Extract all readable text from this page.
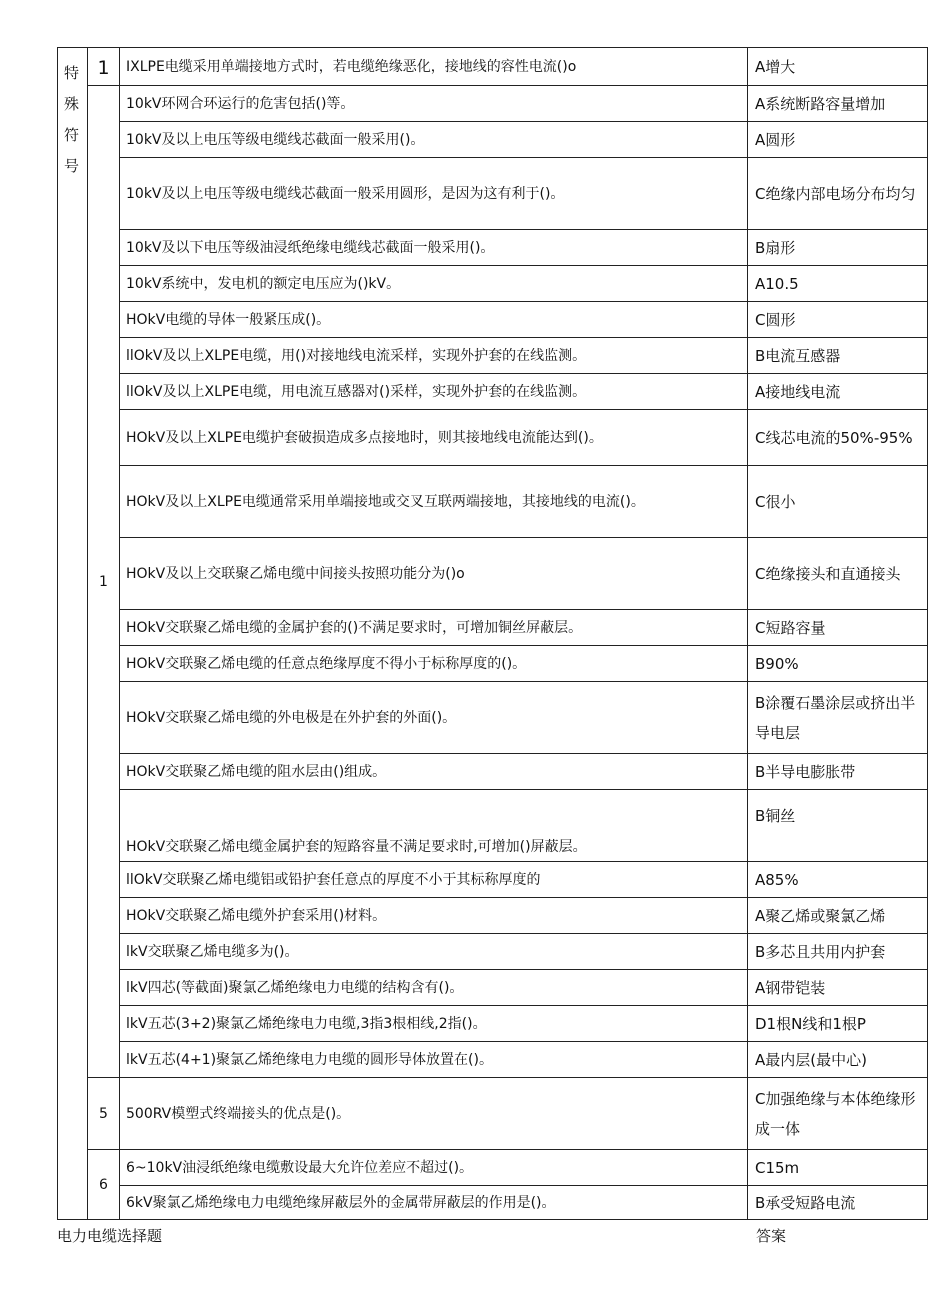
特
殊
符
号	1	IXLPE电缆采用单端接地方式时，若电缆绝缘恶化，接地线的容性电流()o	A增大
	1	10kV环网合环运行的危害包括()等。	A系统断路容量增加
		10kV及以上电压等级电缆线芯截面一般采用()。	A圆形
		10kV及以上电压等级电缆线芯截面一般采用圆形，是因为这有利于()。	C绝缘内部电场分布均匀
		10kV及以下电压等级油浸纸绝缘电缆线芯截面一般采用()。	B扇形
		10kV系统中，发电机的额定电压应为()kV。	A10.5
		HOkV电缆的导体一般紧压成()。	C圆形
		llOkV及以上XLPE电缆，用()对接地线电流采样，实现外护套的在线监测。	B电流互感器
		llOkV及以上XLPE电缆，用电流互感器对()采样，实现外护套的在线监测。	A接地线电流
		HOkV及以上XLPE电缆护套破损造成多点接地时，则其接地线电流能达到()。	C线芯电流的50%-95%
		HOkV及以上XLPE电缆通常采用单端接地或交叉互联两端接地，其接地线的电流()。	C很小
		HOkV及以上交联聚乙烯电缆中间接头按照功能分为()o	C绝缘接头和直通接头
		HOkV交联聚乙烯电缆的金属护套的()不满足要求时，可增加铜丝屏蔽层。	C短路容量
		HOkV交联聚乙烯电缆的任意点绝缘厚度不得小于标称厚度的()。	B90%
		HOkV交联聚乙烯电缆的外电极是在外护套的外面()。	B涂覆石墨涂层或挤出半导电层
		HOkV交联聚乙烯电缆的阻水层由()组成。	B半导电膨胀带
		HOkV交联聚乙烯电缆金属护套的短路容量不满足要求时,可增加()屏蔽层。	B铜丝
		llOkV交联聚乙烯电缆铝或铅护套任意点的厚度不小于其标称厚度的	A85%
		HOkV交联聚乙烯电缆外护套采用()材料。	A聚乙烯或聚氯乙烯
		lkV交联聚乙烯电缆多为()。	B多芯且共用内护套
		lkV四芯(等截面)聚氯乙烯绝缘电力电缆的结构含有()。	A钢带铠装
		lkV五芯(3+2)聚氯乙烯绝缘电力电缆,3指3根相线,2指()。	D1根N线和1根P
		lkV五芯(4+1)聚氯乙烯绝缘电力电缆的圆形导体放置在()。	A最内层(最中心)
	5	500RV模塑式终端接头的优点是()。	C加强绝缘与本体绝缘形成一体
	6	6~10kV油浸纸绝缘电缆敷设最大允许位差应不超过()。	C15m
		6kV聚氯乙烯绝缘电力电缆绝缘屏蔽层外的金属带屏蔽层的作用是()。	B承受短路电流
电力电缆选择题	答案
